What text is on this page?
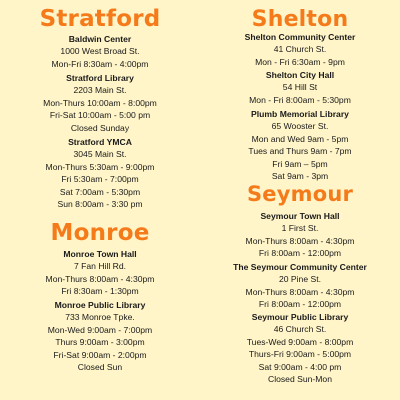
Stratford

Baldwin Center

1000 West Broad St.

Mon-Fri 8:30am - 4:00pm

Stratford Library

2203 Main St.

Mon-Thurs 10:00am - 8:00pm

Fri-Sat 10:00am - 5:00 pm

Closed Sunday

Stratford YMCA

3045 Main St.

Mon-Thurs 5:30am - 9:00pm

Fri 5:30am - 7:00pm

Sat 7:00am - 5:30pm

Sun 8:00am - 3:30 pm

Monroe

Monroe Town Hall

7 Fan Hill Rd.

Mon-Thurs 8:00am - 4:30pm

Fri 8:30am - 1:30pm

Monroe Public Library

733 Monroe Tpke.

Mon-Wed 9:00am - 7:00pm

Thurs 9:00am - 3:00pm

Fri-Sat 9:00am - 2:00pm

Closed Sun

Shelton

Shelton Community Center

41 Church St.

Mon - Fri 6:30am - 9pm

Shelton City Hall

54 Hill St

Mon - Fri 8:00am - 5:30pm

Plumb Memorial Library

65 Wooster St.

Mon and Wed 9am - 5pm

Tues and Thurs 9am - 7pm

Fri 9am – 5pm

Sat 9am - 3pm

Seymour

Seymour Town Hall

1 First St.

Mon-Thurs 8:00am - 4:30pm

Fri 8:00am - 12:00pm

The Seymour Community Center

20 Pine St.

Mon-Thurs 8:00am - 4:30pm

Fri 8:00am - 12:00pm

Seymour Public Library

46 Church St.

Tues-Wed 9:00am - 8:00pm

Thurs-Fri 9:00am - 5:00pm

Sat 9:00am - 4:00 pm

Closed Sun-Mon
